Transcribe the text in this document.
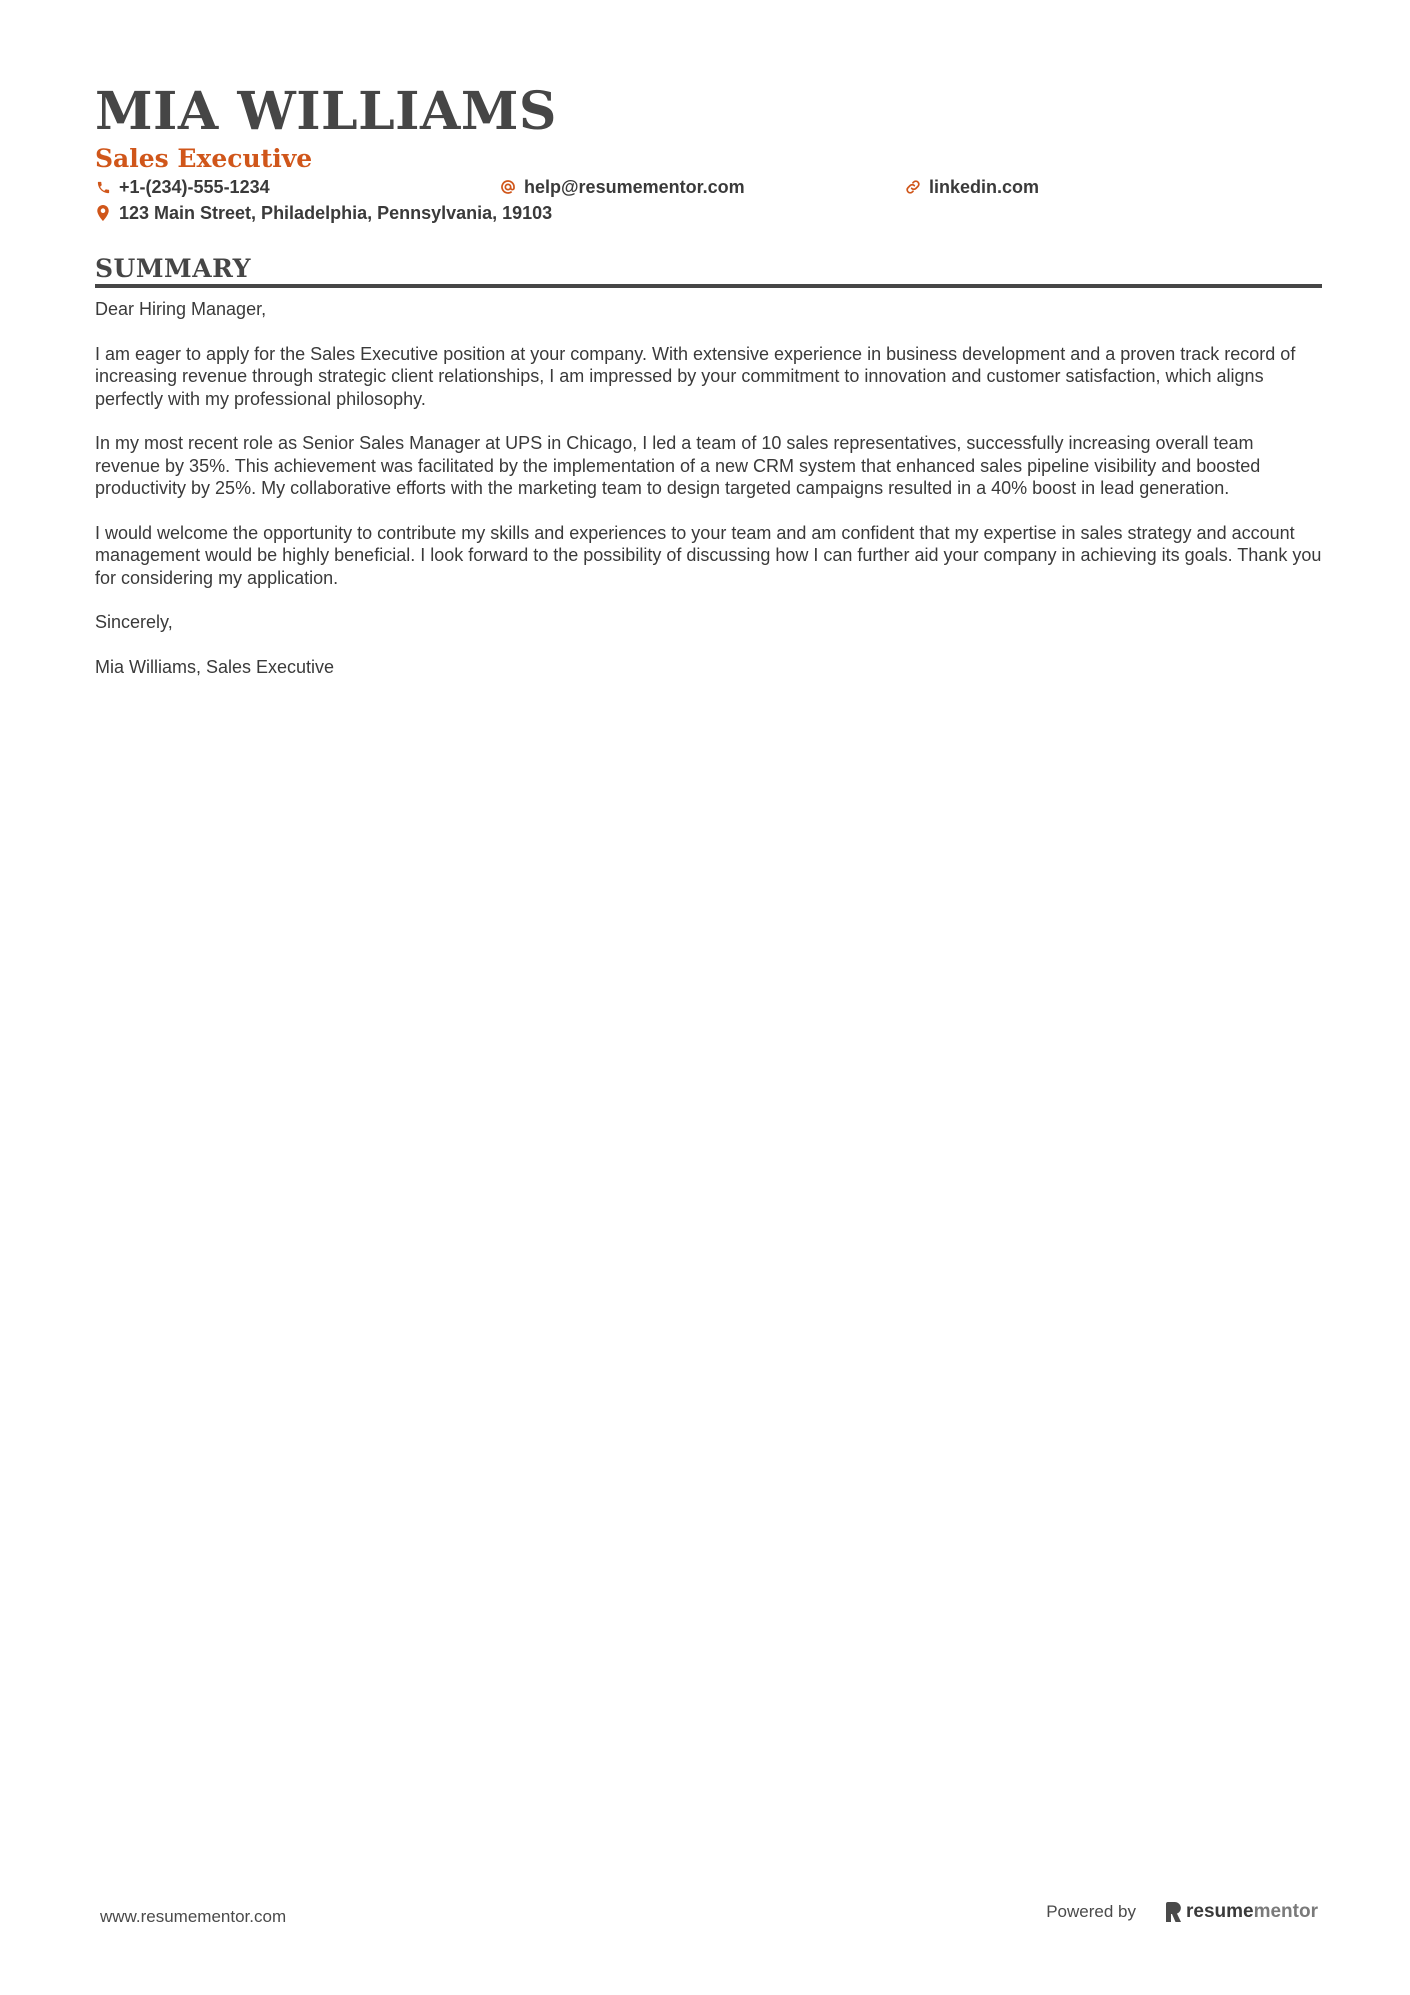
MIA WILLIAMS
Sales Executive
+1-(234)-555-1234	help@resumementor.com	linkedin.com
123 Main Street, Philadelphia, Pennsylvania, 19103
SUMMARY

Dear Hiring Manager,

I am eager to apply for the Sales Executive position at your company. With extensive experience in business development and a proven track record of increasing revenue through strategic client relationships, I am impressed by your commitment to innovation and customer satisfaction, which aligns perfectly with my professional philosophy.

In my most recent role as Senior Sales Manager at UPS in Chicago, I led a team of 10 sales representatives, successfully increasing overall team revenue by 35%. This achievement was facilitated by the implementation of a new CRM system that enhanced sales pipeline visibility and boosted productivity by 25%. My collaborative efforts with the marketing team to design targeted campaigns resulted in a 40% boost in lead generation.

I would welcome the opportunity to contribute my skills and experiences to your team and am confident that my expertise in sales strategy and account management would be highly beneficial. I look forward to the possibility of discussing how I can further aid your company in achieving its goals. Thank you for considering my application.

Sincerely,

Mia Williams, Sales Executive

www.resumementor.com	Powered by	resume mentor
